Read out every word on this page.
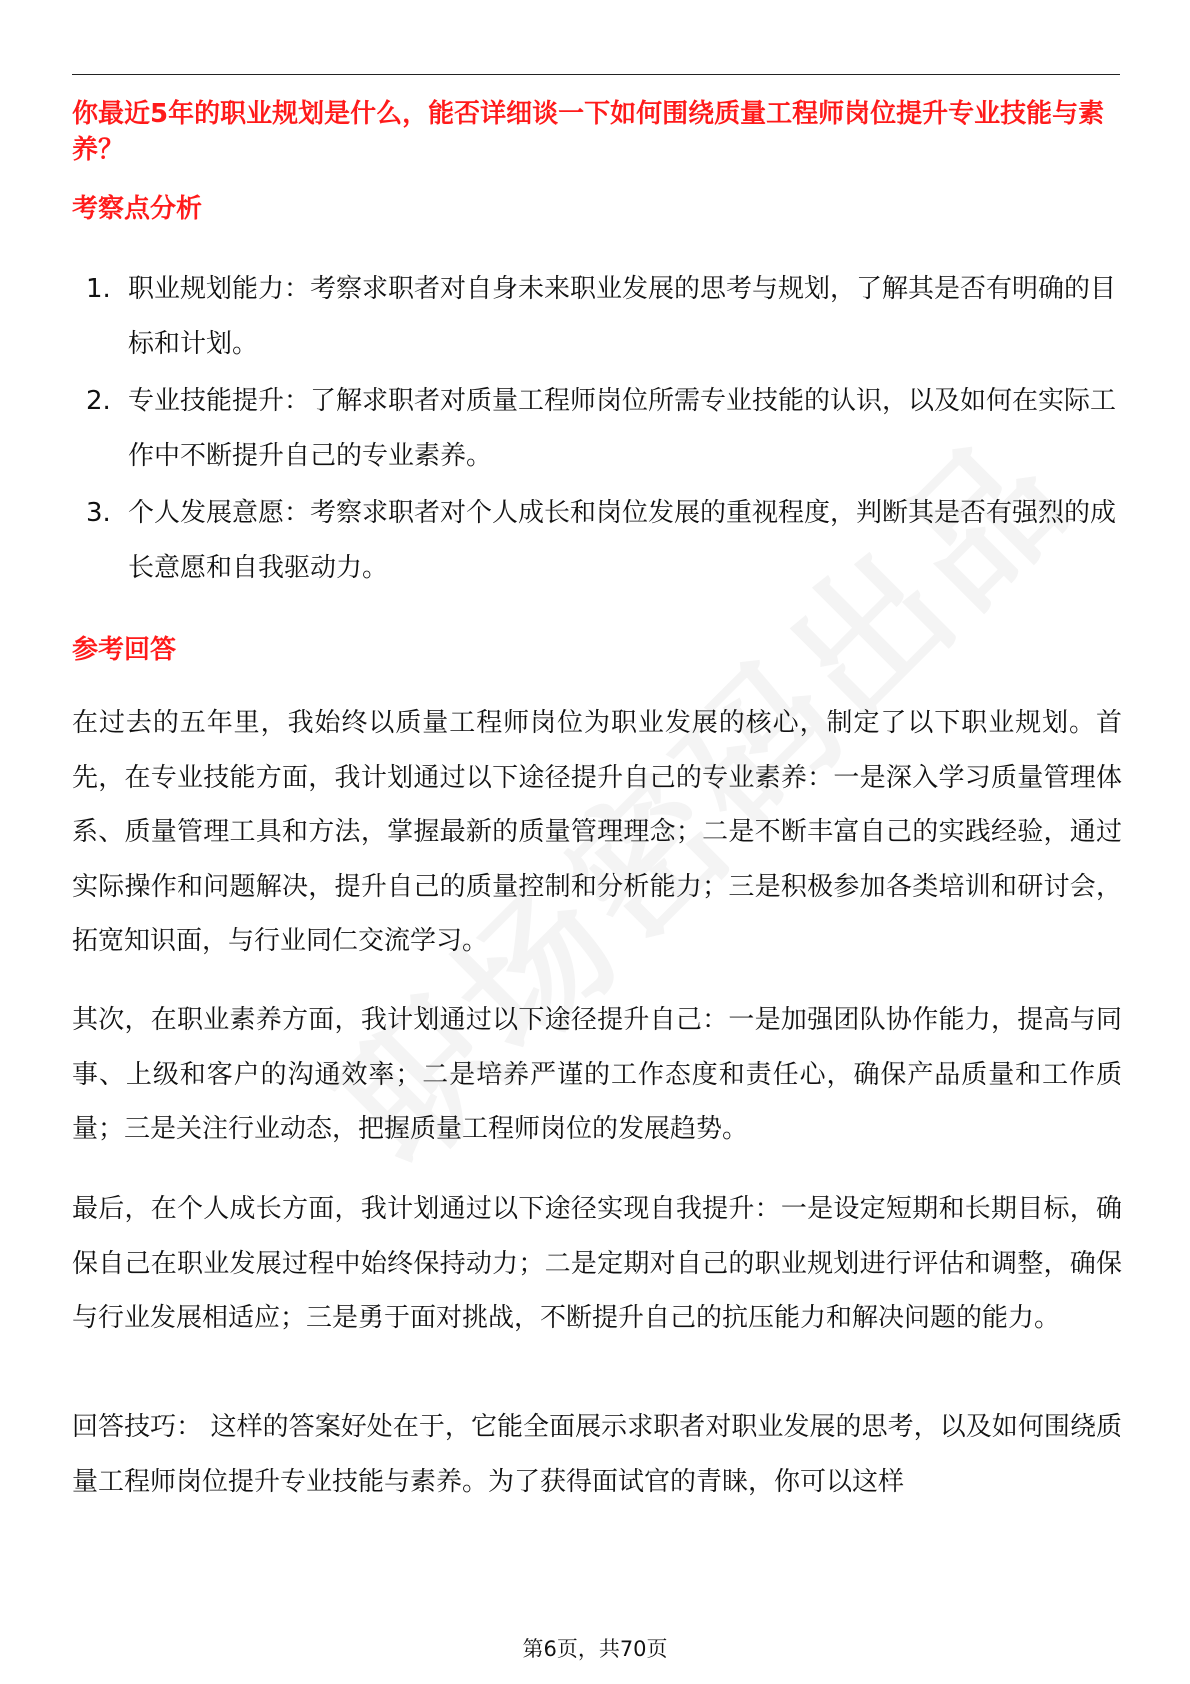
你最近5年的职业规划是什么，能否详细谈一下如何围绕质量工程师岗位提升专业技能与素养？
考察点分析
1. 职业规划能力：考察求职者对自身未来职业发展的思考与规划，了解其是否有明确的目标和计划。
2. 专业技能提升：了解求职者对质量工程师岗位所需专业技能的认识，以及如何在实际工作中不断提升自己的专业素养。
3. 个人发展意愿：考察求职者对个人成长和岗位发展的重视程度，判断其是否有强烈的成长意愿和自我驱动力。
参考回答

在过去的五年里，我始终以质量工程师岗位为职业发展的核心，制定了以下职业规划。首先，在专业技能方面，我计划通过以下途径提升自己的专业素养：一是深入学习质量管理体系、质量管理工具和方法，掌握最新的质量管理理念；二是不断丰富自己的实践经验，通过实际操作和问题解决，提升自己的质量控制和分析能力；三是积极参加各类培训和研讨会，拓宽知识面，与行业同仁交流学习。

其次，在职业素养方面，我计划通过以下途径提升自己：一是加强团队协作能力，提高与同事、上级和客户的沟通效率；二是培养严谨的工作态度和责任心，确保产品质量和工作质量；三是关注行业动态，把握质量工程师岗位的发展趋势。

最后，在个人成长方面，我计划通过以下途径实现自我提升：一是设定短期和长期目标，确保自己在职业发展过程中始终保持动力；二是定期对自己的职业规划进行评估和调整，确保与行业发展相适应；三是勇于面对挑战，不断提升自己的抗压能力和解决问题的能力。

回答技巧： 这样的答案好处在于，它能全面展示求职者对职业发展的思考，以及如何围绕质量工程师岗位提升专业技能与素养。为了获得面试官的青睐，你可以这样

第6页，共70页
